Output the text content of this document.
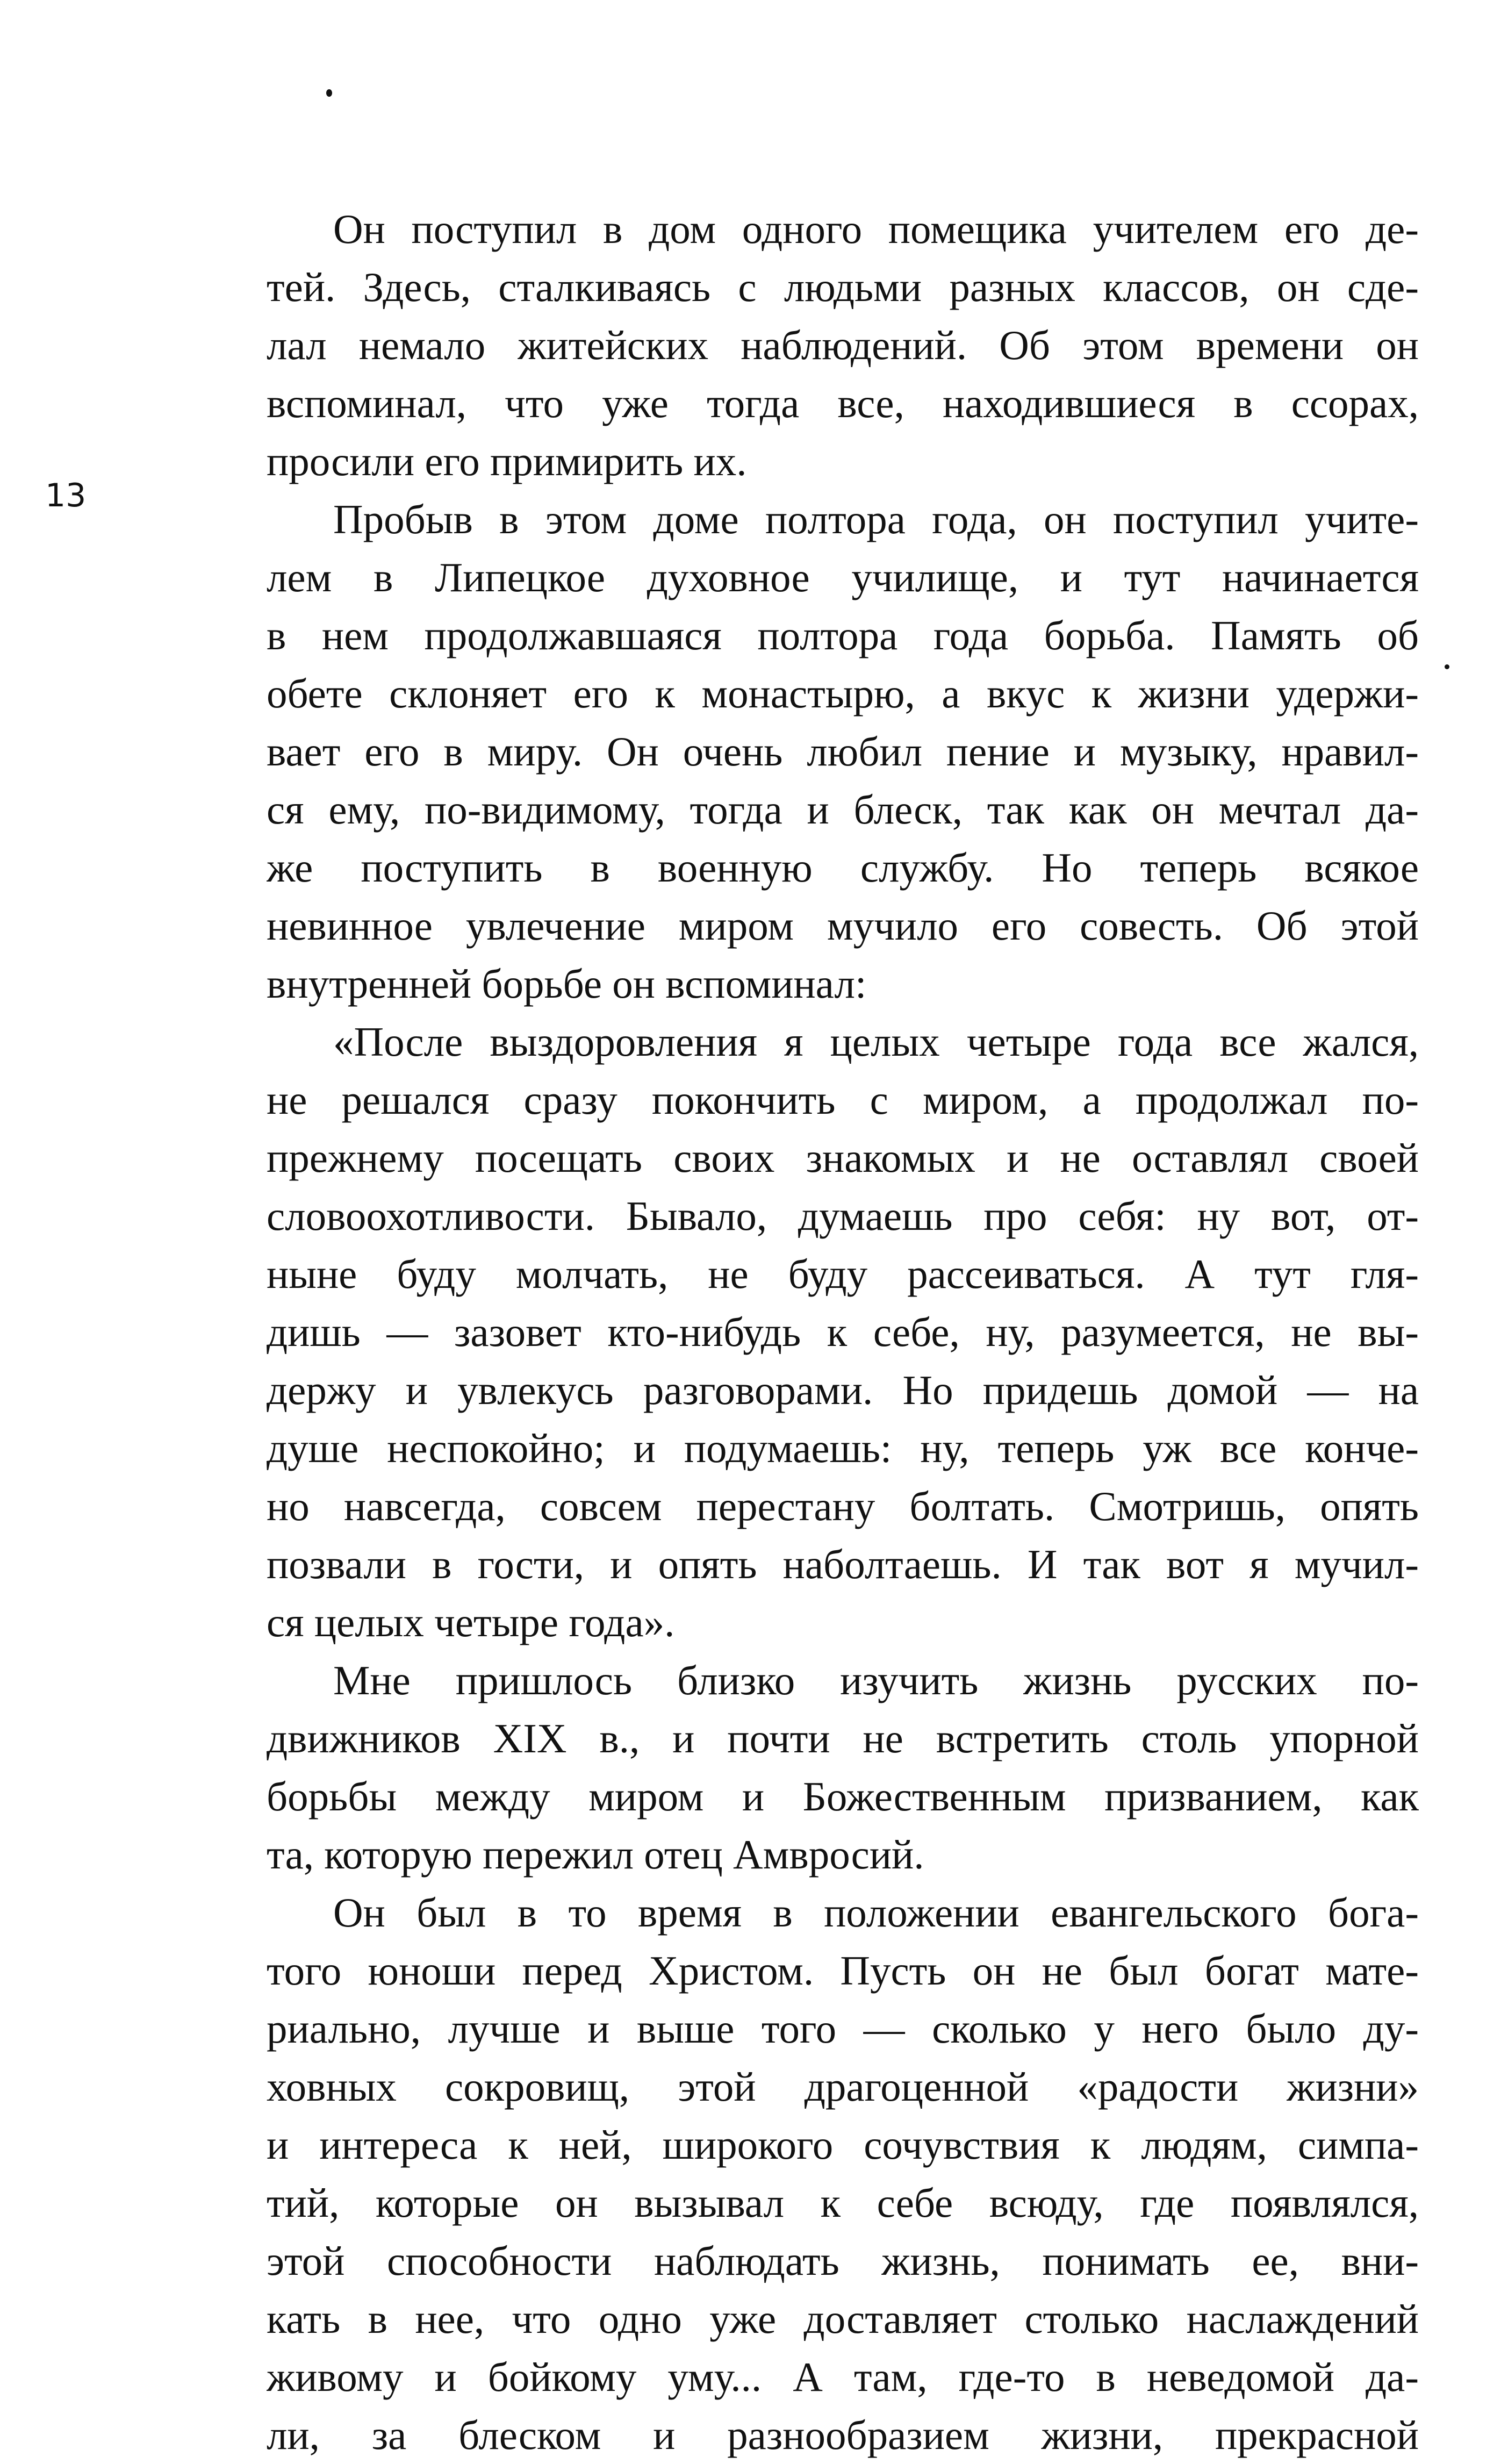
13
Он поступил в дом одного помещика учителем его де-
тей. Здесь, сталкиваясь с людьми разных классов, он сде-
лал немало житейских наблюдений. Об этом времени он
вспоминал, что уже тогда все, находившиеся в ссорах,
просили его примирить их.
Пробыв в этом доме полтора года, он поступил учите-
лем в Липецкое духовное училище, и тут начинается
в нем продолжавшаяся полтора года борьба. Память об
обете склоняет его к монастырю, а вкус к жизни удержи-
вает его в миру. Он очень любил пение и музыку, нравил-
ся ему, по-видимому, тогда и блеск, так как он мечтал да-
же поступить в военную службу. Но теперь всякое
невинное увлечение миром мучило его совесть. Об этой
внутренней борьбе он вспоминал:
«После выздоровления я целых четыре года все жался,
не решался сразу покончить с миром, а продолжал по-
прежнему посещать своих знакомых и не оставлял своей
словоохотливости. Бывало, думаешь про себя: ну вот, от-
ныне буду молчать, не буду рассеиваться. А тут гля-
дишь — зазовет кто-нибудь к себе, ну, разумеется, не вы-
держу и увлекусь разговорами. Но придешь домой — на
душе неспокойно; и подумаешь: ну, теперь уж все конче-
но навсегда, совсем перестану болтать. Смотришь, опять
позвали в гости, и опять наболтаешь. И так вот я мучил-
ся целых четыре года».
Мне пришлось близко изучить жизнь русских по-
движников XIX в., и почти не встретить столь упорной
борьбы между миром и Божественным призванием, как
та, которую пережил отец Амвросий.
Он был в то время в положении евангельского бога-
того юноши перед Христом. Пусть он не был богат мате-
риально, лучше и выше того — сколько у него было ду-
ховных сокровищ, этой драгоценной «радости жизни»
и интереса к ней, широкого сочувствия к людям, симпа-
тий, которые он вызывал к себе всюду, где появлялся,
этой способности наблюдать жизнь, понимать ее, вни-
кать в нее, что одно уже доставляет столько наслаждений
живому и бойкому уму... А там, где-то в неведомой да-
ли, за блеском и разнообразием жизни, прекрасной
